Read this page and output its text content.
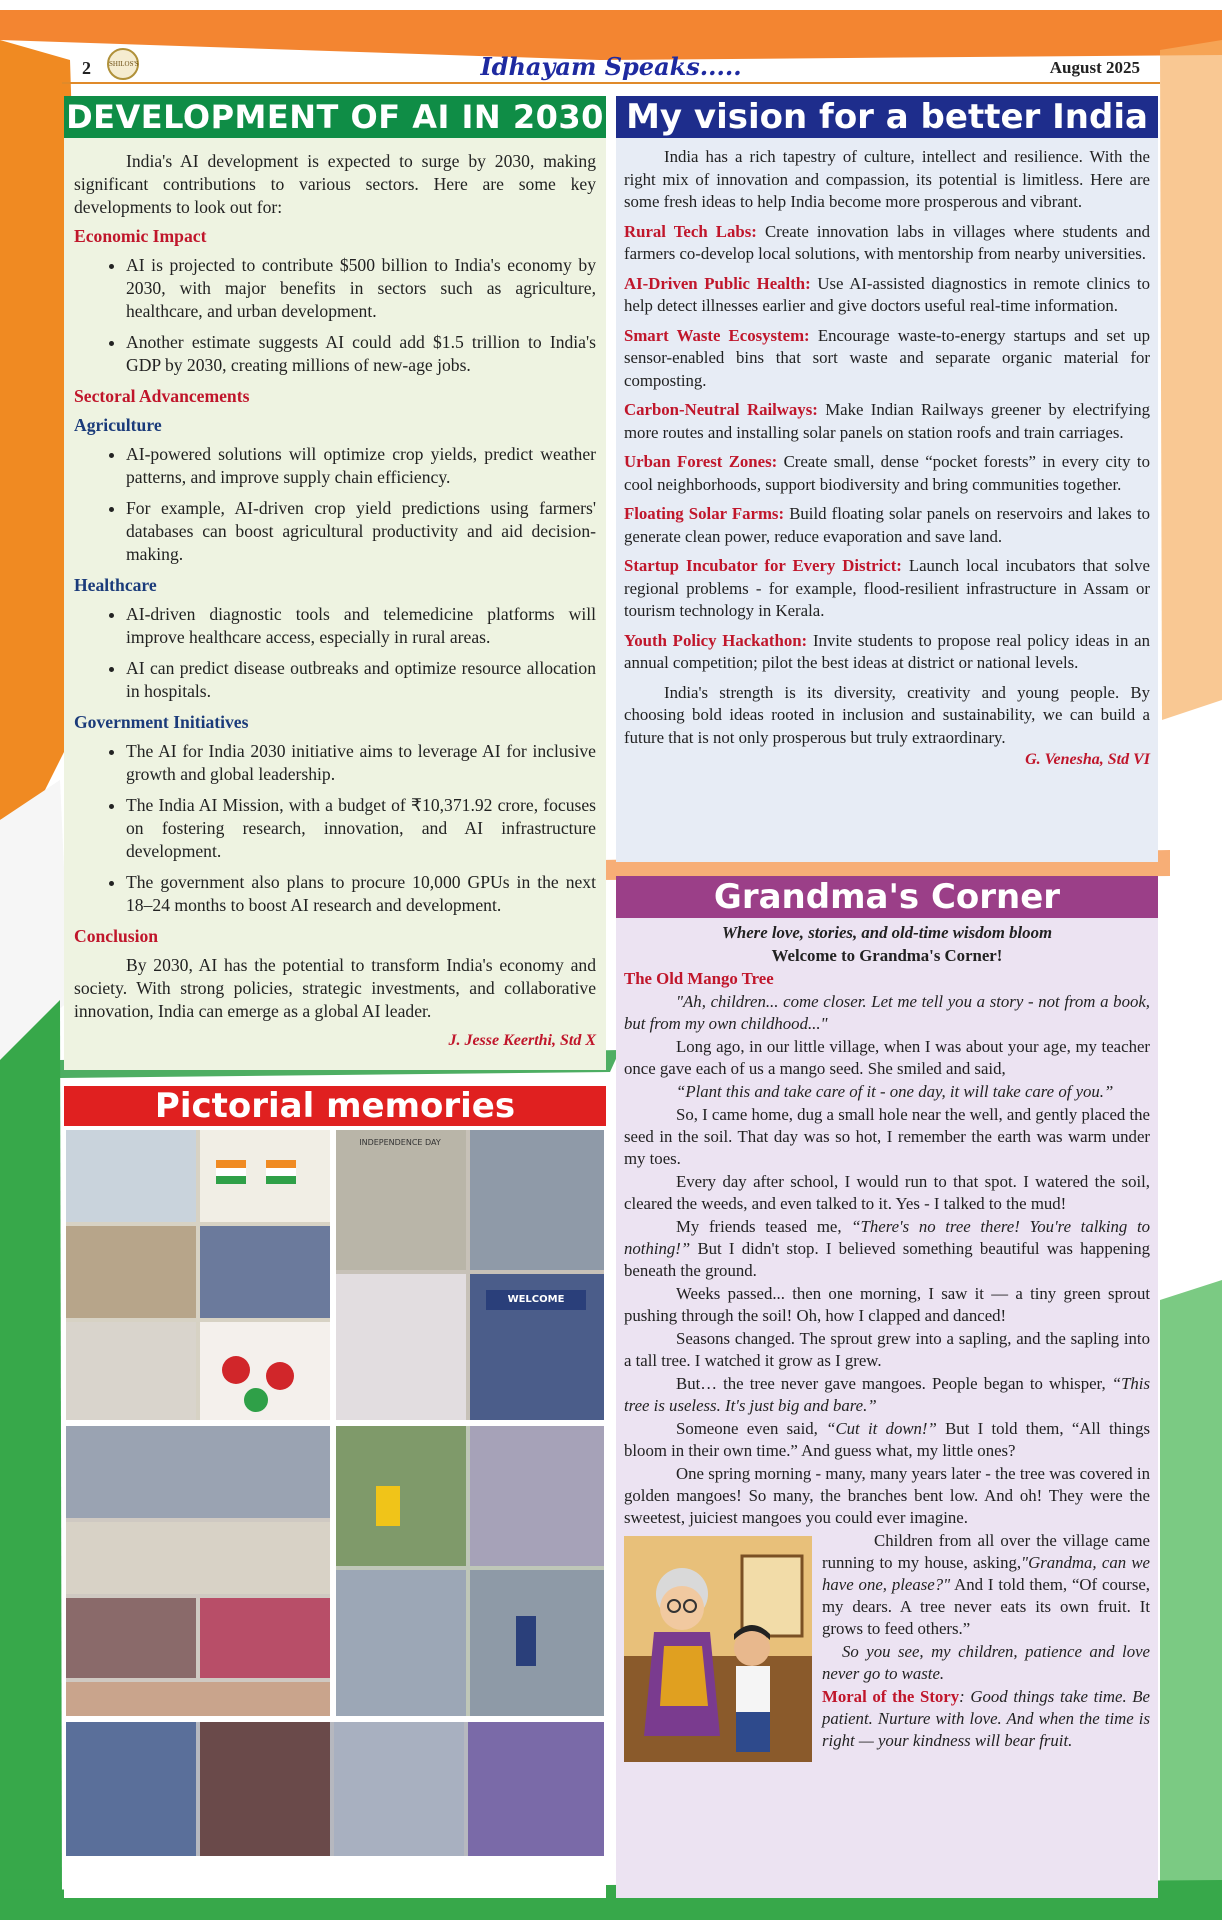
2	SHILOS'S	Idhayam Speaks.....	August 2025
DEVELOPMENT OF AI IN 2030

India's AI development is expected to surge by 2030, making significant contributions to various sectors. Here are some key developments to look out for:

Economic Impact
• AI is projected to contribute $500 billion to India's economy by 2030, with major benefits in sectors such as agriculture, healthcare, and urban development.
• Another estimate suggests AI could add $1.5 trillion to India's GDP by 2030, creating millions of new-age jobs.
Sectoral Advancements
Agriculture
• AI-powered solutions will optimize crop yields, predict weather patterns, and improve supply chain efficiency.
• For example, AI-driven crop yield predictions using farmers' databases can boost agricultural productivity and aid decision-making.
Healthcare
• AI-driven diagnostic tools and telemedicine platforms will improve healthcare access, especially in rural areas.
• AI can predict disease outbreaks and optimize resource allocation in hospitals.
Government Initiatives
• The AI for India 2030 initiative aims to leverage AI for inclusive growth and global leadership.
• The India AI Mission, with a budget of ₹10,371.92 crore, focuses on fostering research, innovation, and AI infrastructure development.
• The government also plans to procure 10,000 GPUs in the next 18–24 months to boost AI research and development.
Conclusion

By 2030, AI has the potential to transform India's economy and society. With strong policies, strategic investments, and collaborative innovation, India can emerge as a global AI leader.

J. Jesse Keerthi, Std X
My vision for a better India

India has a rich tapestry of culture, intellect and resilience. With the right mix of innovation and compassion, its potential is limitless. Here are some fresh ideas to help India become more prosperous and vibrant.

Rural Tech Labs: Create innovation labs in villages where students and farmers co-develop local solutions, with mentorship from nearby universities.

AI-Driven Public Health: Use AI-assisted diagnostics in remote clinics to help detect illnesses earlier and give doctors useful real-time information.

Smart Waste Ecosystem: Encourage waste-to-energy startups and set up sensor-enabled bins that sort waste and separate organic material for composting.

Carbon-Neutral Railways: Make Indian Railways greener by electrifying more routes and installing solar panels on station roofs and train carriages.

Urban Forest Zones: Create small, dense “pocket forests” in every city to cool neighborhoods, support biodiversity and bring communities together.

Floating Solar Farms: Build floating solar panels on reservoirs and lakes to generate clean power, reduce evaporation and save land.

Startup Incubator for Every District: Launch local incubators that solve regional problems - for example, flood-resilient infrastructure in Assam or tourism technology in Kerala.

Youth Policy Hackathon: Invite students to propose real policy ideas in an annual competition; pilot the best ideas at district or national levels.

India's strength is its diversity, creativity and young people. By choosing bold ideas rooted in inclusion and sustainability, we can build a future that is not only prosperous but truly extraordinary.

G. Venesha, Std VI
Grandma's Corner

Where love, stories, and old-time wisdom bloom

Welcome to Grandma's Corner!

The Old Mango Tree

"Ah, children... come closer. Let me tell you a story - not from a book, but from my own childhood..."

Long ago, in our little village, when I was about your age, my teacher once gave each of us a mango seed. She smiled and said,

“Plant this and take care of it - one day, it will take care of you.”

So, I came home, dug a small hole near the well, and gently placed the seed in the soil. That day was so hot, I remember the earth was warm under my toes.

Every day after school, I would run to that spot. I watered the soil, cleared the weeds, and even talked to it. Yes - I talked to the mud!

My friends teased me, “There's no tree there! You're talking to nothing!” But I didn't stop. I believed something beautiful was happening beneath the ground.

Weeks passed... then one morning, I saw it — a tiny green sprout pushing through the soil! Oh, how I clapped and danced!

Seasons changed. The sprout grew into a sapling, and the sapling into a tall tree. I watched it grow as I grew.

But… the tree never gave mangoes. People began to whisper, “This tree is useless. It's just big and bare.”

Someone even said, “Cut it down!” But I told them, “All things bloom in their own time.” And guess what, my little ones?

One spring morning - many, many years later - the tree was covered in golden mangoes! So many, the branches bent low. And oh! They were the sweetest, juiciest mangoes you could ever imagine.

Children from all over the village came running to my house, asking,"Grandma, can we have one, please?" And I told them, “Of course, my dears. A tree never eats its own fruit. It grows to feed others.”

So you see, my children, patience and love never go to waste.

Moral of the Story: Good things take time. Be patient. Nurture with love. And when the time is right — your kindness will bear fruit.

Pictorial memories
WELCOME
INDEPENDENCE DAY
